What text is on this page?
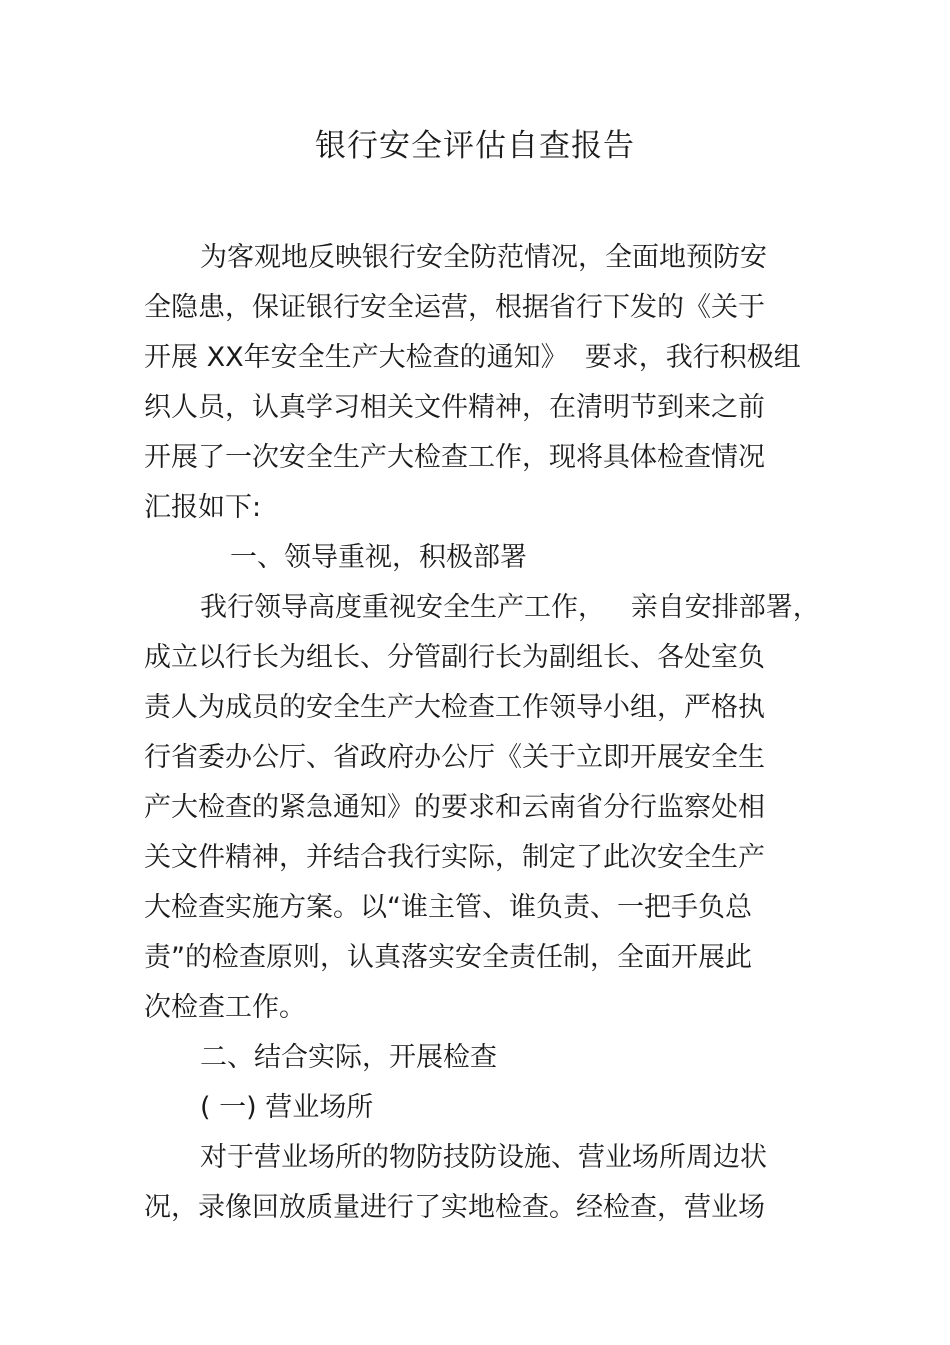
银行安全评估自查报告
为客观地反映银行安全防范情况，全面地预防安
全隐患，保证银行安全运营，根据省行下发的《关于
开展 XX年安全生产大检查的通知》  要求，我行积极组
织人员，认真学习相关文件精神，在清明节到来之前
开展了一次安全生产大检查工作，现将具体检查情况
汇报如下:
一、领导重视，积极部署
我行领导高度重视安全生产工作，   亲自安排部署，
成立以行长为组长、分管副行长为副组长、各处室负
责人为成员的安全生产大检查工作领导小组，严格执
行省委办公厅、省政府办公厅《关于立即开展安全生
产大检查的紧急通知》的要求和云南省分行监察处相
关文件精神，并结合我行实际，制定了此次安全生产
大检查实施方案。以“谁主管、谁负责、一把手负总
责”的检查原则，认真落实安全责任制，全面开展此
次检查工作。
二、结合实际，开展检查
( 一) 营业场所
对于营业场所的物防技防设施、营业场所周边状
况，录像回放质量进行了实地检查。经检查，营业场
